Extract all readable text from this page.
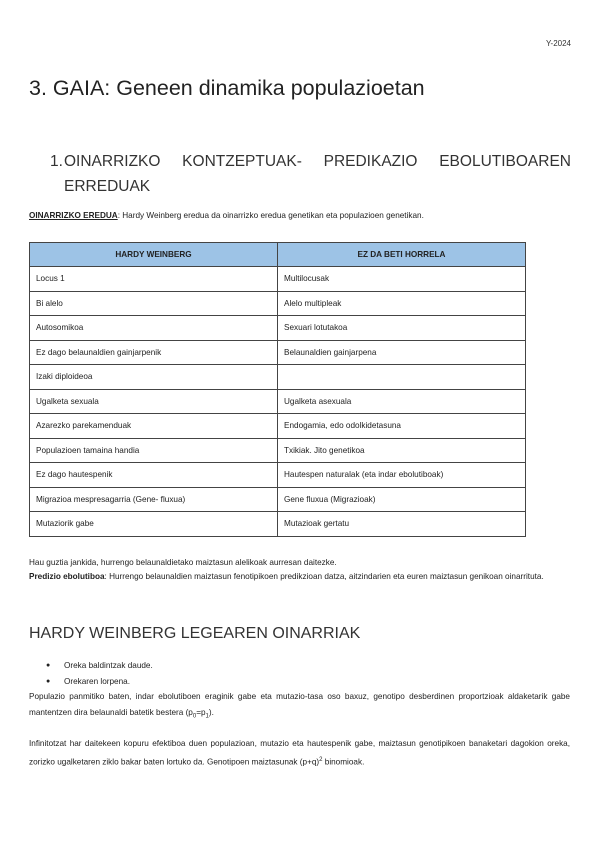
Y-2024
3. GAIA: Geneen dinamika populazioetan
1.OINARRIZKO KONTZEPTUAK- PREDIKAZIO EBOLUTIBOAREN
ERREDUAK
OINARRIZKO EREDUA: Hardy Weinberg eredua da oinarrizko eredua genetikan eta populazioen genetikan.
HARDY WEINBERG	EZ DA BETI HORRELA
Locus 1	Multilocusak
Bi alelo	Alelo multipleak
Autosomikoa	Sexuari lotutakoa
Ez dago belaunaldien gainjarpenik	Belaunaldien gainjarpena
Izaki diploideoa	
Ugalketa sexuala	Ugalketa asexuala
Azarezko parekamenduak	Endogamia, edo odolkidetasuna
Populazioen tamaina handia	Txikiak. Jito genetikoa
Ez dago hautespenik	Hautespen naturalak (eta indar ebolutiboak)
Migrazioa mespresagarria (Gene- fluxua)	Gene fluxua (Migrazioak)
Mutaziorik gabe	Mutazioak gertatu
Hau guztia jankida, hurrengo belaunaldietako maiztasun alelikoak aurresan daitezke.
Predizio ebolutiboa: Hurrengo belaunaldien maiztasun fenotipikoen predikzioan datza, aitzindarien eta euren maiztasun genikoan oinarrituta.
HARDY WEINBERG LEGEAREN OINARRIAK
● Oreka baldintzak daude.
● Orekaren lorpena.

Populazio panmitiko baten, indar ebolutiboen eraginik gabe eta mutazio-tasa oso baxuz, genotipo desberdinen proportzioak aldaketarik gabe mantentzen dira belaunaldi batetik bestera $(p_0=p_1)$.

Infinitotzat har daitekeen kopuru efektiboa duen populazioan, mutazio eta hautespenik gabe, maiztasun genotipikoen banaketari dagokion oreka, zorizko ugalketaren ziklo bakar baten lortuko da. Genotipoen maiztasunak $(p+q)^2$ binomioak.
